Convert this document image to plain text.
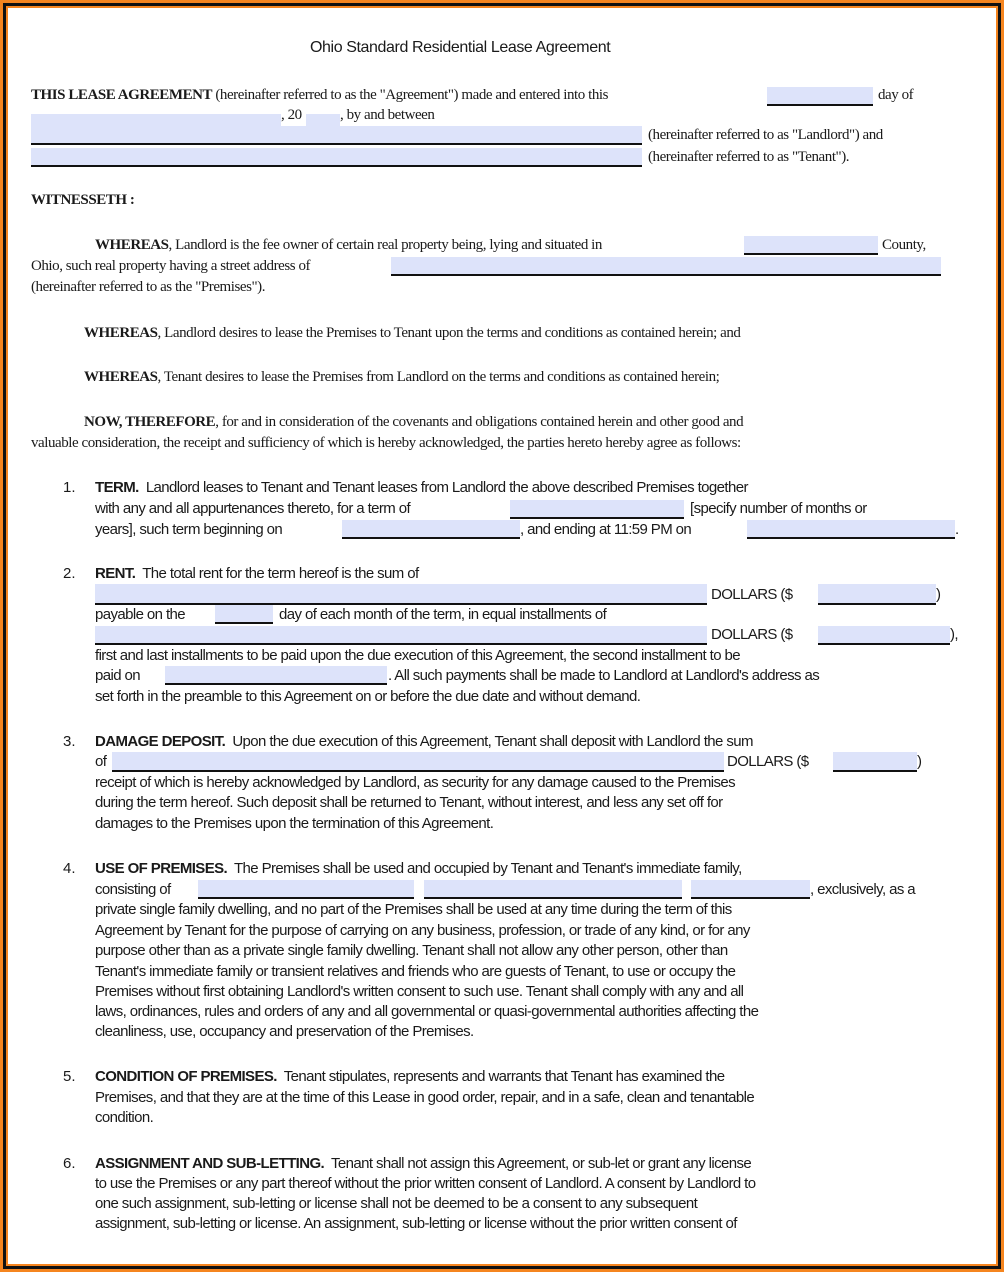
Ohio Standard Residential Lease Agreement
THIS LEASE AGREEMENT (hereinafter referred to as the "Agreement") made and entered into this	day of
, 20	, by and between
(hereinafter referred to as "Landlord") and
(hereinafter referred to as "Tenant").
WITNESSETH :
WHEREAS, Landlord is the fee owner of certain real property being, lying and situated in	County,
Ohio, such real property having a street address of
(hereinafter referred to as the "Premises").
WHEREAS, Landlord desires to lease the Premises to Tenant upon the terms and conditions as contained herein; and
WHEREAS, Tenant desires to lease the Premises from Landlord on the terms and conditions as contained herein;
NOW, THEREFORE, for and in consideration of the covenants and obligations contained herein and other good and
valuable consideration, the receipt and sufficiency of which is hereby acknowledged, the parties hereto hereby agree as follows:
1. TERM. Landlord leases to Tenant and Tenant leases from Landlord the above described Premises together
with any and all appurtenances thereto, for a term of	[specify number of months or
years], such term beginning on	, and ending at 11:59 PM on	.
2. RENT. The total rent for the term hereof is the sum of
DOLLARS ($	)
payable on the	day of each month of the term, in equal installments of
DOLLARS ($	),
first and last installments to be paid upon the due execution of this Agreement, the second installment to be
paid on	. All such payments shall be made to Landlord at Landlord's address as
set forth in the preamble to this Agreement on or before the due date and without demand.
3. DAMAGE DEPOSIT. Upon the due execution of this Agreement, Tenant shall deposit with Landlord the sum
of	DOLLARS ($	)
receipt of which is hereby acknowledged by Landlord, as security for any damage caused to the Premises
during the term hereof. Such deposit shall be returned to Tenant, without interest, and less any set off for
damages to the Premises upon the termination of this Agreement.
4. USE OF PREMISES. The Premises shall be used and occupied by Tenant and Tenant's immediate family,
consisting of	, exclusively, as a
private single family dwelling, and no part of the Premises shall be used at any time during the term of this
Agreement by Tenant for the purpose of carrying on any business, profession, or trade of any kind, or for any
purpose other than as a private single family dwelling. Tenant shall not allow any other person, other than
Tenant's immediate family or transient relatives and friends who are guests of Tenant, to use or occupy the
Premises without first obtaining Landlord's written consent to such use. Tenant shall comply with any and all
laws, ordinances, rules and orders of any and all governmental or quasi-governmental authorities affecting the
cleanliness, use, occupancy and preservation of the Premises.
5. CONDITION OF PREMISES. Tenant stipulates, represents and warrants that Tenant has examined the
Premises, and that they are at the time of this Lease in good order, repair, and in a safe, clean and tenantable
condition.
6. ASSIGNMENT AND SUB-LETTING. Tenant shall not assign this Agreement, or sub-let or grant any license
to use the Premises or any part thereof without the prior written consent of Landlord. A consent by Landlord to
one such assignment, sub-letting or license shall not be deemed to be a consent to any subsequent
assignment, sub-letting or license. An assignment, sub-letting or license without the prior written consent of
